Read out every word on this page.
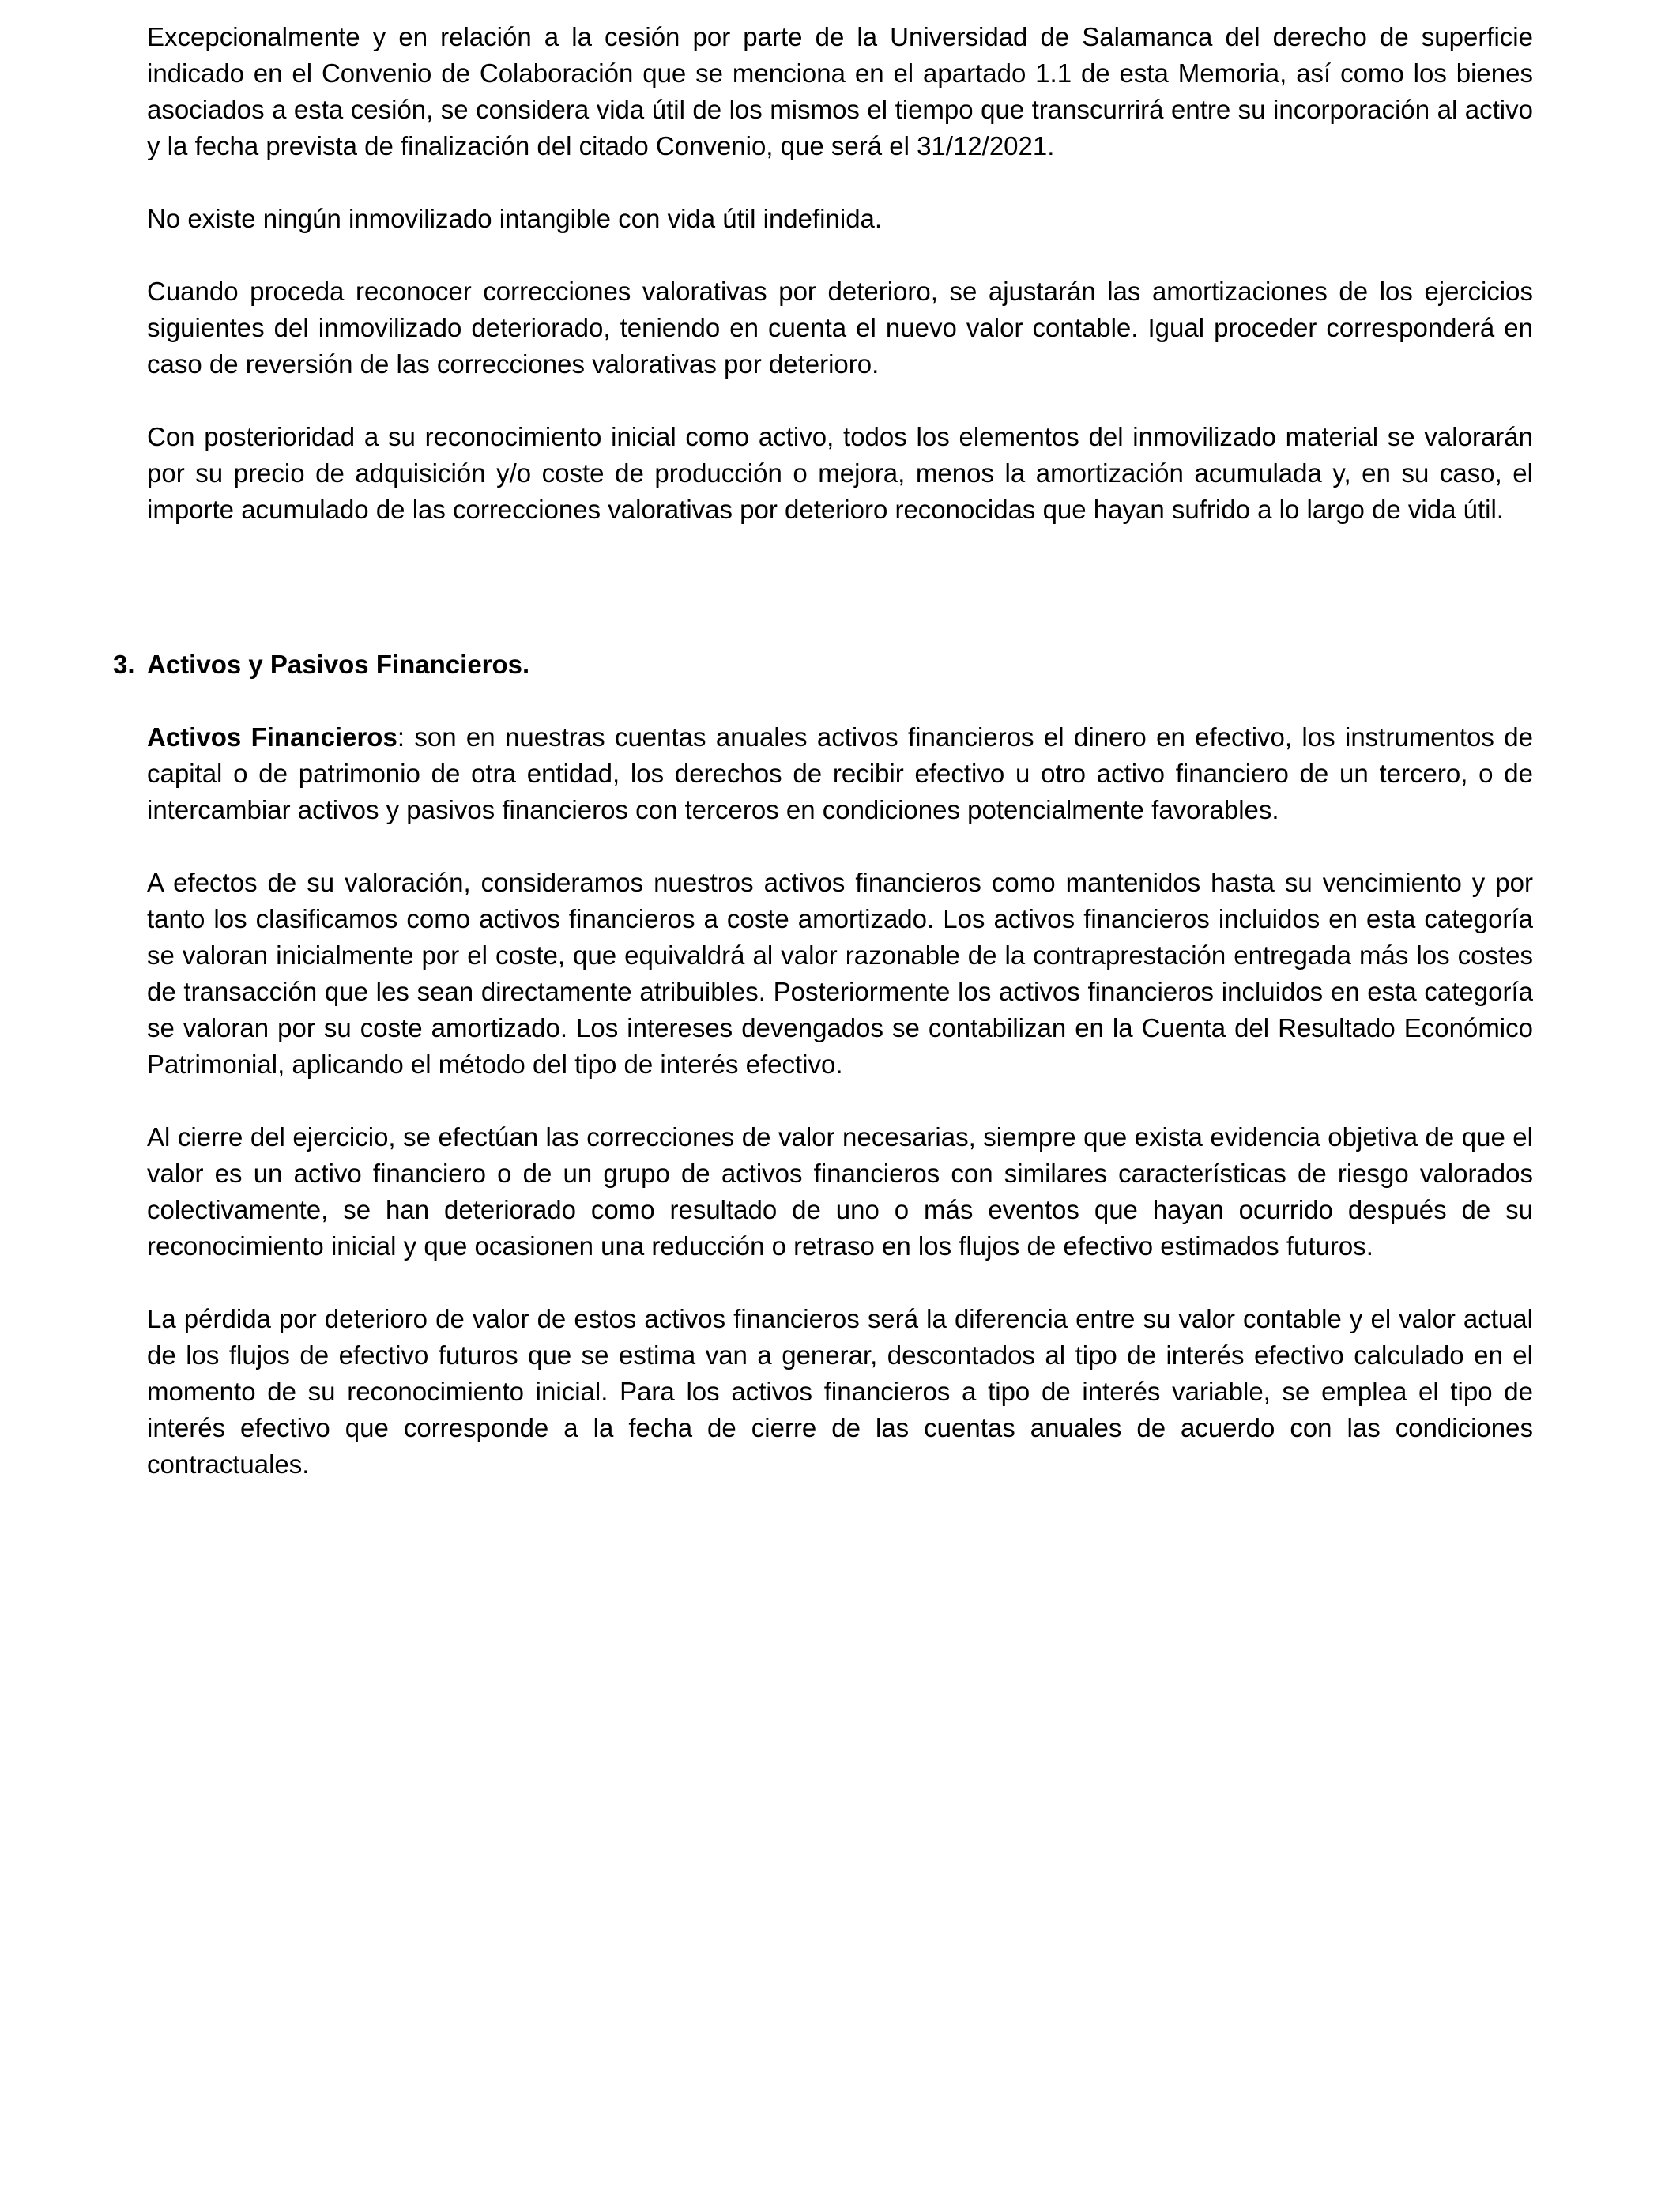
Excepcionalmente y en relación a la cesión por parte de la Universidad de Salamanca del derecho de superficie indicado en el Convenio de Colaboración que se menciona en el apartado 1.1 de esta Memoria, así como los bienes asociados a esta cesión, se considera vida útil de los mismos el tiempo que transcurrirá entre su incorporación al activo y la fecha prevista de finalización del citado Convenio, que será el 31/12/2021.

No existe ningún inmovilizado intangible con vida útil indefinida.

Cuando proceda reconocer correcciones valorativas por deterioro, se ajustarán las amortizaciones de los ejercicios siguientes del inmovilizado deteriorado, teniendo en cuenta el nuevo valor contable. Igual proceder corresponderá en caso de reversión de las correcciones valorativas por deterioro.

Con posterioridad a su reconocimiento inicial como activo, todos los elementos del inmovilizado material se valorarán por su precio de adquisición y/o coste de producción o mejora, menos la amortización acumulada y, en su caso, el importe acumulado de las correcciones valorativas por deterioro reconocidas que hayan sufrido a lo largo de vida útil.

3. Activos y Pasivos Financieros.

Activos Financieros: son en nuestras cuentas anuales activos financieros el dinero en efectivo, los instrumentos de capital o de patrimonio de otra entidad, los derechos de recibir efectivo u otro activo financiero de un tercero, o de intercambiar activos y pasivos financieros con terceros en condiciones potencialmente favorables.

A efectos de su valoración, consideramos nuestros activos financieros como mantenidos hasta su vencimiento y por tanto los clasificamos como activos financieros a coste amortizado. Los activos financieros incluidos en esta categoría se valoran inicialmente por el coste, que equivaldrá al valor razonable de la contraprestación entregada más los costes de transacción que les sean directamente atribuibles. Posteriormente los activos financieros incluidos en esta categoría se valoran por su coste amortizado. Los intereses devengados se contabilizan en la Cuenta del Resultado Económico Patrimonial, aplicando el método del tipo de interés efectivo.

Al cierre del ejercicio, se efectúan las correcciones de valor necesarias, siempre que exista evidencia objetiva de que el valor es un activo financiero o de un grupo de activos financieros con similares características de riesgo valorados colectivamente, se han deteriorado como resultado de uno o más eventos que hayan ocurrido después de su reconocimiento inicial y que ocasionen una reducción o retraso en los flujos de efectivo estimados futuros.

La pérdida por deterioro de valor de estos activos financieros será la diferencia entre su valor contable y el valor actual de los flujos de efectivo futuros que se estima van a generar, descontados al tipo de interés efectivo calculado en el momento de su reconocimiento inicial. Para los activos financieros a tipo de interés variable, se emplea el tipo de interés efectivo que corresponde a la fecha de cierre de las cuentas anuales de acuerdo con las condiciones contractuales.
